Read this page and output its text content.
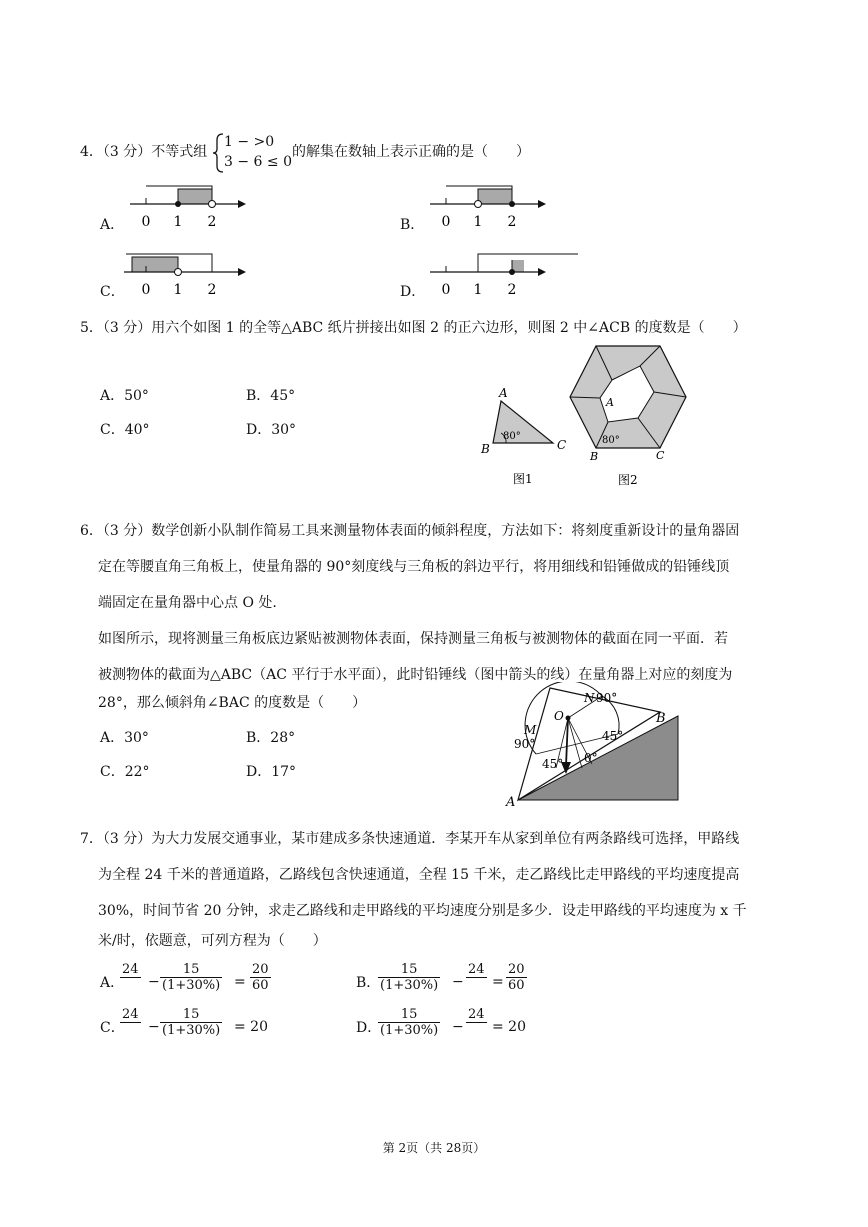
4．（3 分）不等式组
1 − >0
3 − 6 ≤ 0
的解集在数轴上表示正确的是（　　）
A． 0 1 2	B． 0 1 2
C． 0 1 2	D． 0 1 2
5．（3 分）用六个如图 1 的全等△ABC 纸片拼接出如图 2 的正六边形，则图 2 中∠ACB 的度数是（　　）
A．50°	B．45°
C．40°	D．30°
A
B	C
80°
图1
A
B	C
80°
图2
6．（3 分）数学创新小队制作简易工具来测量物体表面的倾斜程度，方法如下：将刻度重新设计的量角器固
定在等腰直角三角板上，使量角器的 90°刻度线与三角板的斜边平行，将用细线和铅锤做成的铅锤线顶
端固定在量角器中心点 O 处.
如图所示，现将测量三角板底边紧贴被测物体表面，保持测量三角板与被测物体的截面在同一平面．若
被测物体的截面为△ABC（AC 平行于水平面），此时铅锤线（图中箭头的线）在量角器上对应的刻度为
28°，那么倾斜角∠BAC 的度数是（　　）
A．30°	B．28°
C．22°	D．17°
N 90°
B
O
M
90°
45°
45° 0°
A
7．（3 分）为大力发展交通事业，某市建成多条快速通道．李某开车从家到单位有两条路线可选择，甲路线
为全程 24 千米的普通道路，乙路线包含快速通道，全程 15 千米，走乙路线比走甲路线的平均速度提高
30%，时间节省 20 分钟，求走乙路线和走甲路线的平均速度分别是多少．设走甲路线的平均速度为 x 千
米/时，依题意，可列方程为（　　）
A．
24
−
15
(1+30%) =
20
60	B．
15
(1+30%) −
24
=
20
60
C．
24
−
15
(1+30%) = 20	D．
15
(1+30%) −
24
= 20
第 2页（共 28页）
